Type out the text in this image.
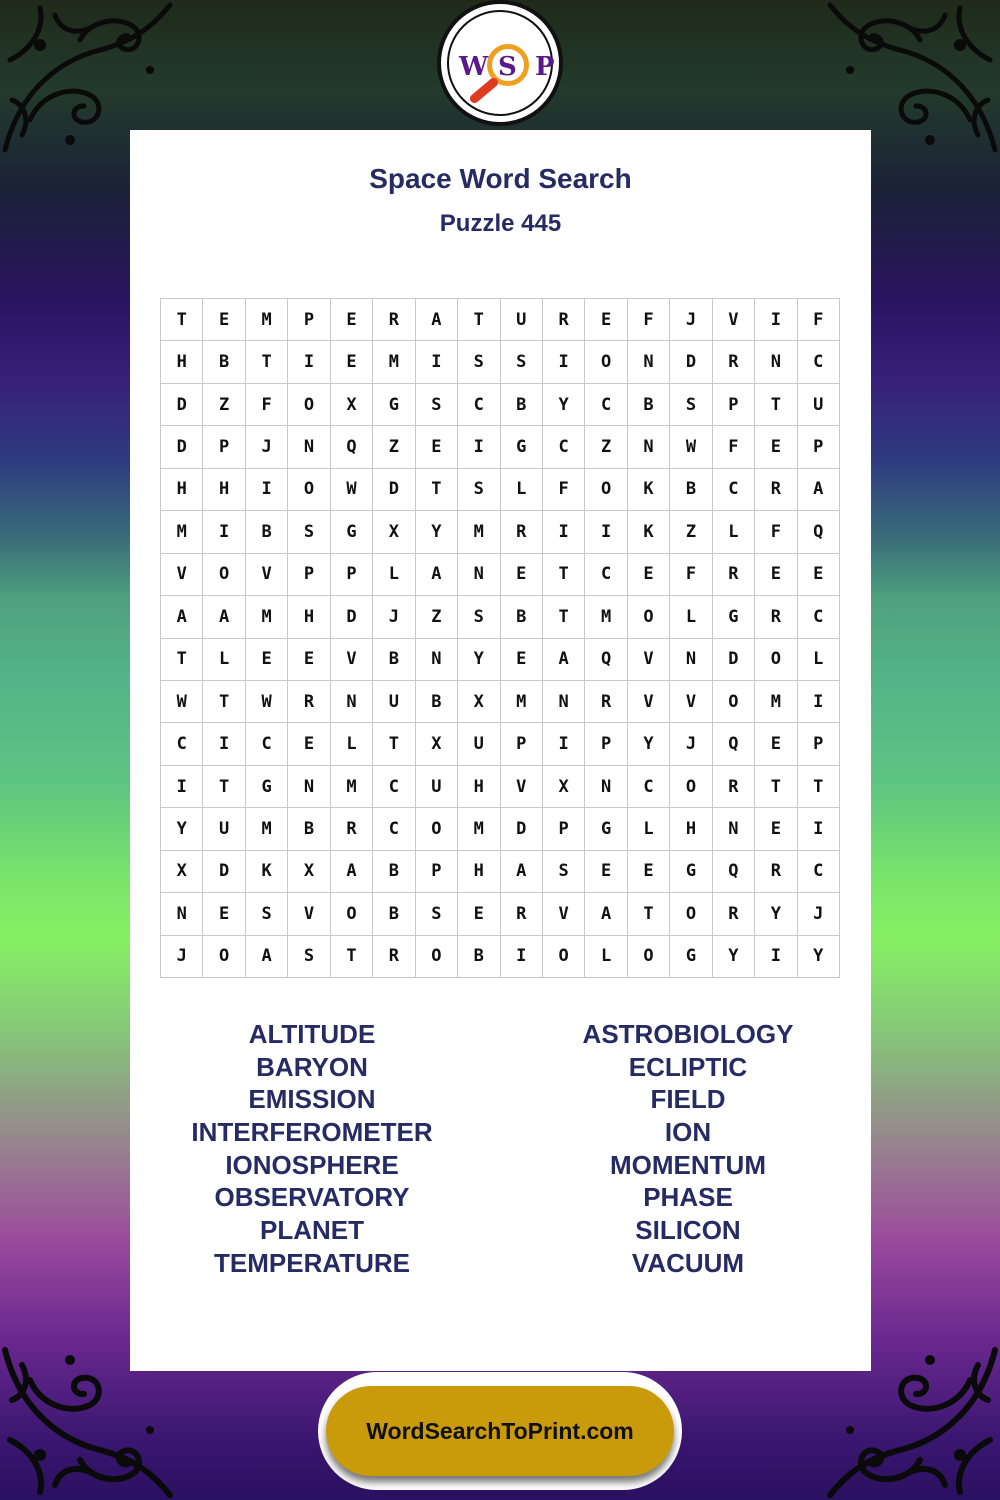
W S P
Space Word Search
Puzzle 445
T	E	M	P	E	R	A	T	U	R	E	F	J	V	I	F
H	B	T	I	E	M	I	S	S	I	O	N	D	R	N	C
D	Z	F	O	X	G	S	C	B	Y	C	B	S	P	T	U
D	P	J	N	Q	Z	E	I	G	C	Z	N	W	F	E	P
H	H	I	O	W	D	T	S	L	F	O	K	B	C	R	A
M	I	B	S	G	X	Y	M	R	I	I	K	Z	L	F	Q
V	O	V	P	P	L	A	N	E	T	C	E	F	R	E	E
A	A	M	H	D	J	Z	S	B	T	M	O	L	G	R	C
T	L	E	E	V	B	N	Y	E	A	Q	V	N	D	O	L
W	T	W	R	N	U	B	X	M	N	R	V	V	O	M	I
C	I	C	E	L	T	X	U	P	I	P	Y	J	Q	E	P
I	T	G	N	M	C	U	H	V	X	N	C	O	R	T	T
Y	U	M	B	R	C	O	M	D	P	G	L	H	N	E	I
X	D	K	X	A	B	P	H	A	S	E	E	G	Q	R	C
N	E	S	V	O	B	S	E	R	V	A	T	O	R	Y	J
J	O	A	S	T	R	O	B	I	O	L	O	G	Y	I	Y
ALTITUDE
BARYON
EMISSION
INTERFEROMETER
IONOSPHERE
OBSERVATORY
PLANET
TEMPERATURE
ASTROBIOLOGY
ECLIPTIC
FIELD
ION
MOMENTUM
PHASE
SILICON
VACUUM
WordSearchToPrint.com
